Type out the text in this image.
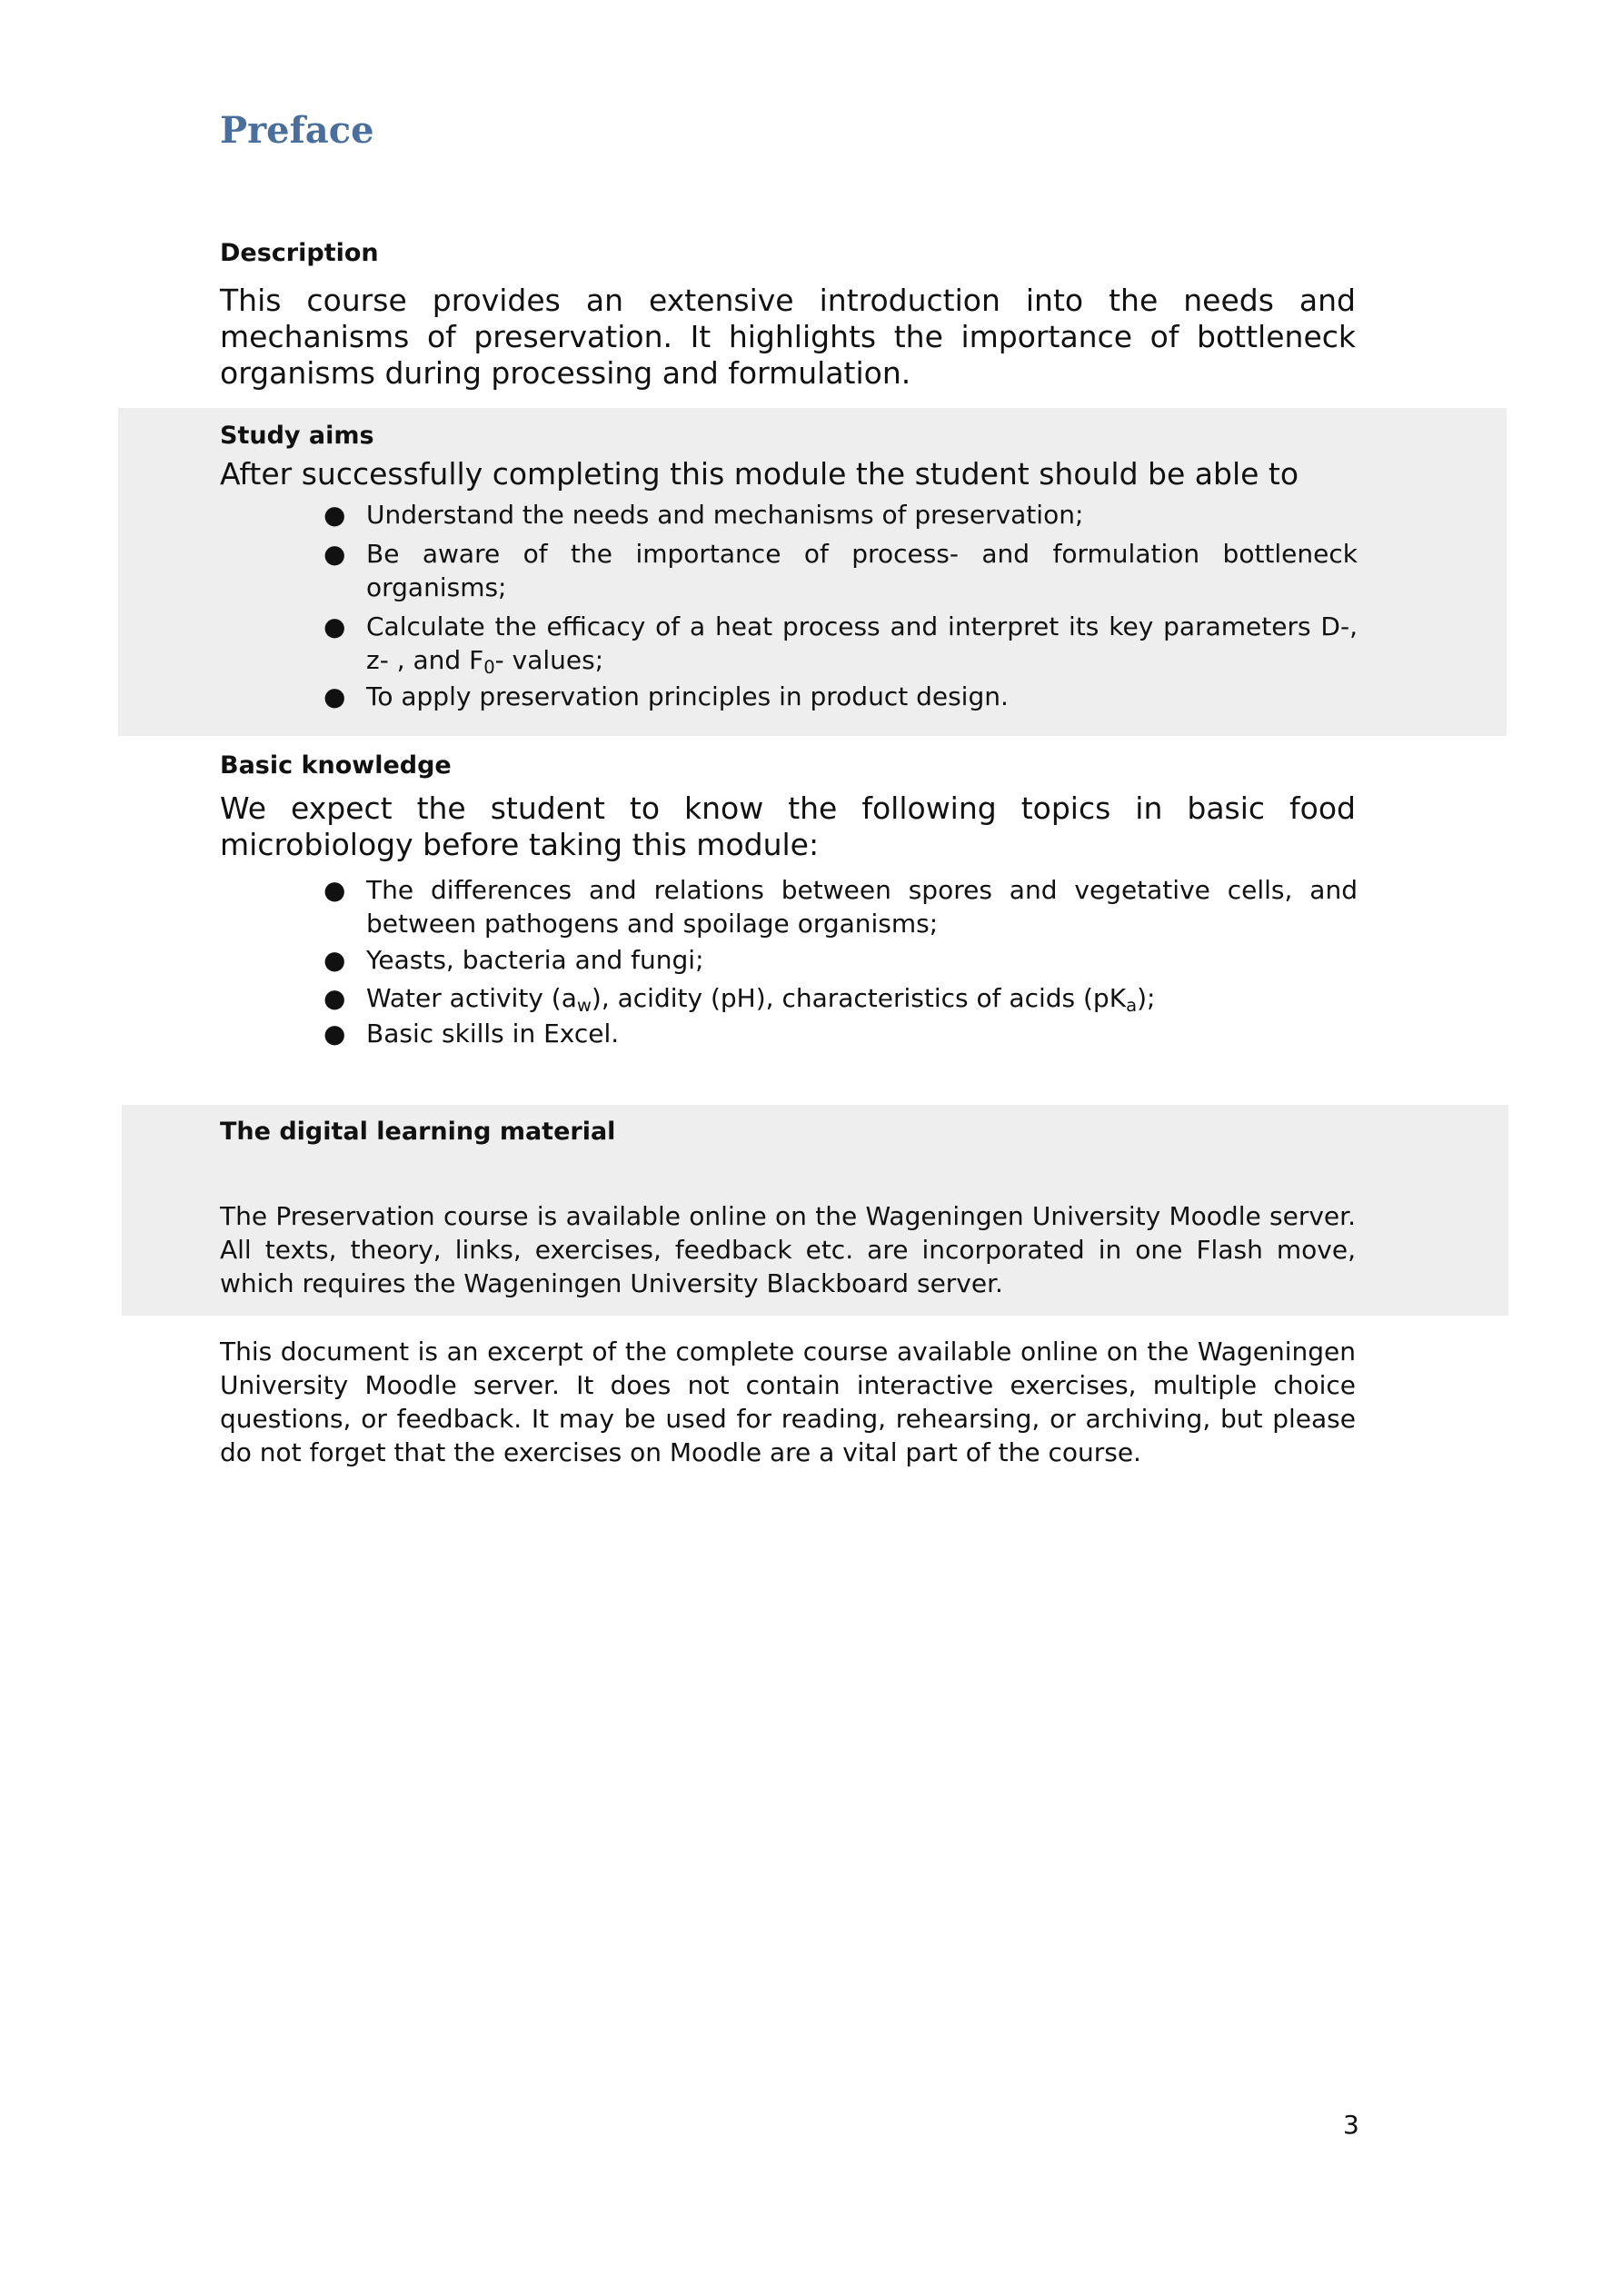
Preface
Description

This course provides an extensive introduction into the needs and mechanisms of preservation. It highlights the importance of bottleneck organisms during processing and formulation.

Study aims

After successfully completing this module the student should be able to

● Understand the needs and mechanisms of preservation;
● Be aware of the importance of process- and formulation bottleneck organisms;
● Calculate the efficacy of a heat process and interpret its key parameters D-, z- , and $F_0-$ values;
● To apply preservation principles in product design.
Basic knowledge

We expect the student to know the following topics in basic food microbiology before taking this module:

● The differences and relations between spores and vegetative cells, and between pathogens and spoilage organisms;
● Yeasts, bacteria and fungi;
● Water activity $(a_w)$, acidity (pH), characteristics of acids $(pK_a)$;
● Basic skills in Excel.
The digital learning material

The Preservation course is available online on the Wageningen University Moodle server. All texts, theory, links, exercises, feedback etc. are incorporated in one Flash move, which requires the Wageningen University Blackboard server.

This document is an excerpt of the complete course available online on the Wageningen University Moodle server. It does not contain interactive exercises, multiple choice questions, or feedback. It may be used for reading, rehearsing, or archiving, but please do not forget that the exercises on Moodle are a vital part of the course.

3
